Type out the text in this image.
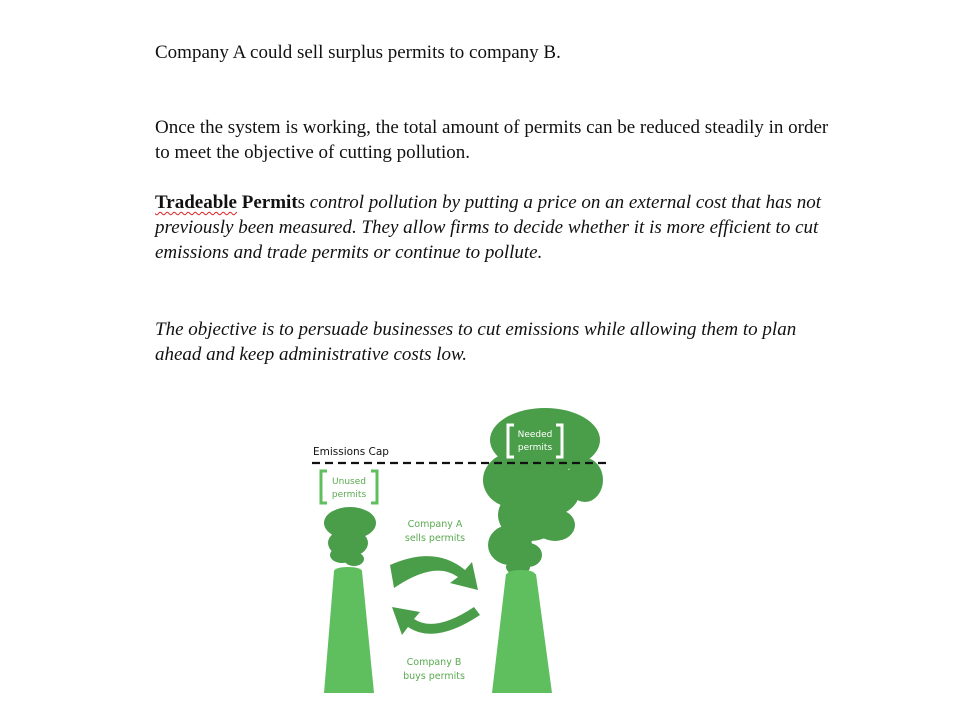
Company A could sell surplus permits to company B.
Once the system is working, the total amount of permits can be reduced steadily in order to meet the objective of cutting pollution.
Tradeable Permits control pollution by putting a price on an external cost that has not previously been measured. They allow firms to decide whether it is more efficient to cut emissions and trade permits or continue to pollute.
The objective is to persuade businesses to cut emissions while allowing them to plan ahead and keep administrative costs low.
Needed
permits
Emissions Cap
Unused
permits
Company A
sells permits
Company B
buys permits
